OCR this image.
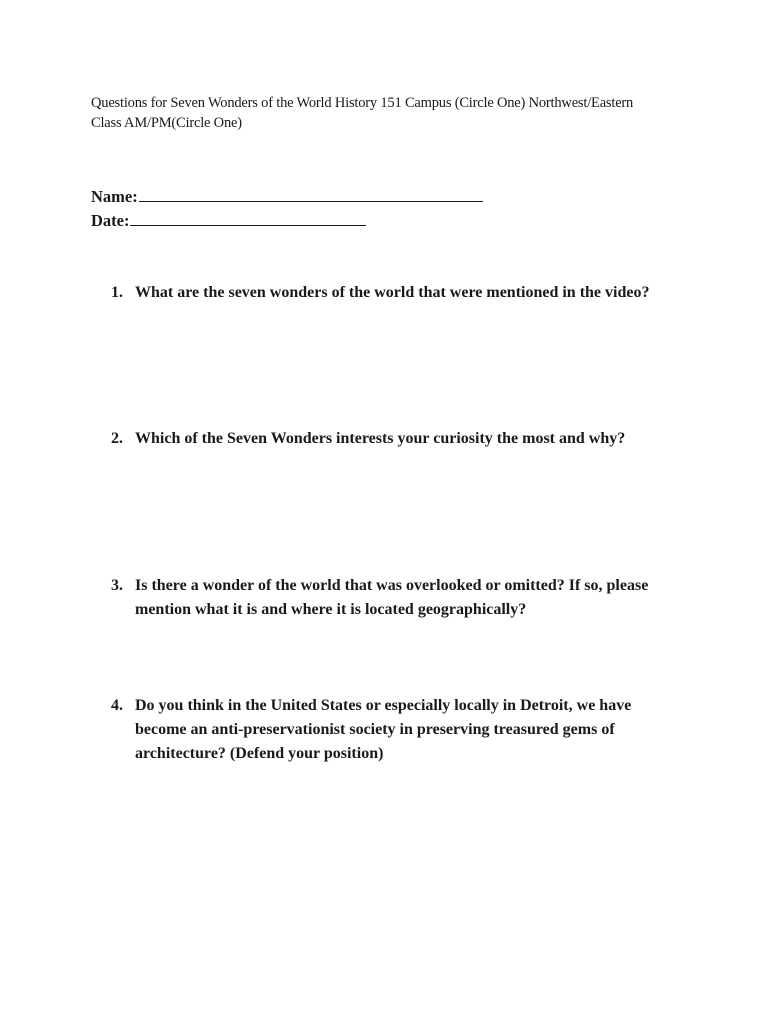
Questions for Seven Wonders of the World History 151 Campus (Circle One) Northwest/Eastern
Class AM/PM(Circle One)
Name:
Date:
1. What are the seven wonders of the world that were mentioned in the video?
2. Which of the Seven Wonders interests your curiosity the most and why?
3. Is there a wonder of the world that was overlooked or omitted? If so, please mention what it is and where it is located geographically?
4. Do you think in the United States or especially locally in Detroit, we have become an anti-preservationist society in preserving treasured gems of architecture? (Defend your position)
